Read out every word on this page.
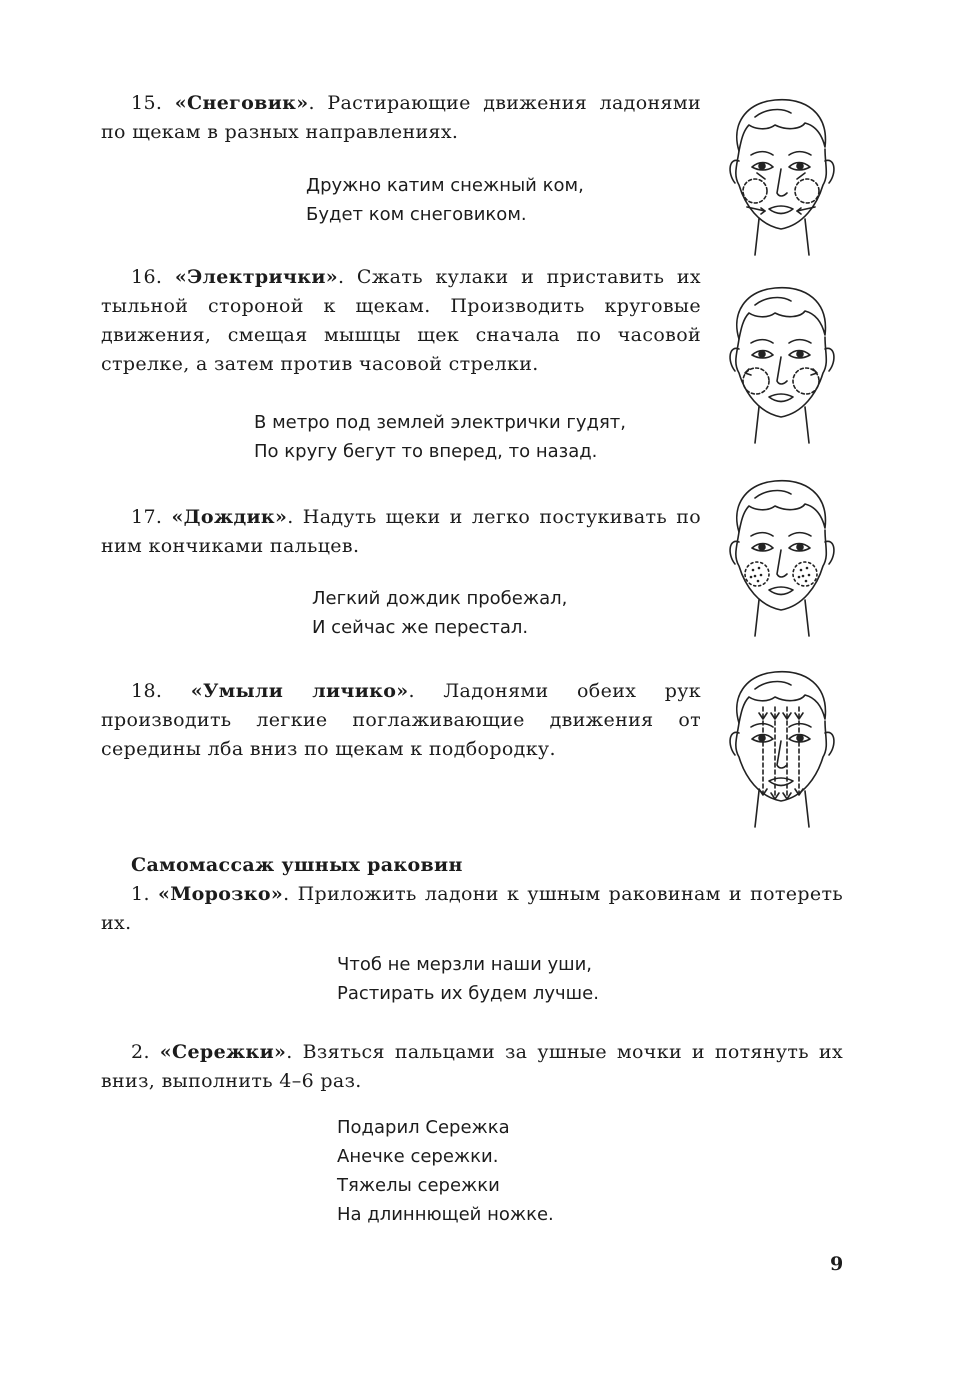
15. «Снеговик». Растирающие движения ладонями по щекам в разных направлениях.

Дружно катим снежный ком,
Будет ком снеговиком.

16. «Электрички». Сжать кулаки и приставить их тыльной стороной к щекам. Производить круговые движения, смещая мышцы щек сначала по часовой стрелке, а затем против часовой стрелки.

В метро под землей электрички гудят,
По кругу бегут то вперед, то назад.

17. «Дождик». Надуть щеки и легко постукивать по ним кончиками пальцев.

Легкий дождик пробежал,
И сейчас же перестал.

18. «Умыли личико». Ладонями обеих рук производить легкие поглаживающие движения от середины лба вниз по щекам к подбородку.

Самомассаж ушных раковин

1. «Морозко». Приложить ладони к ушным раковинам и потереть их.

Чтоб не мерзли наши уши,
Растирать их будем лучше.

2. «Сережки». Взяться пальцами за ушные мочки и потянуть их вниз, выполнить 4–6 раз.

Подарил Сережка
Анечке сережки.
Тяжелы сережки
На длиннющей ножке.
9
